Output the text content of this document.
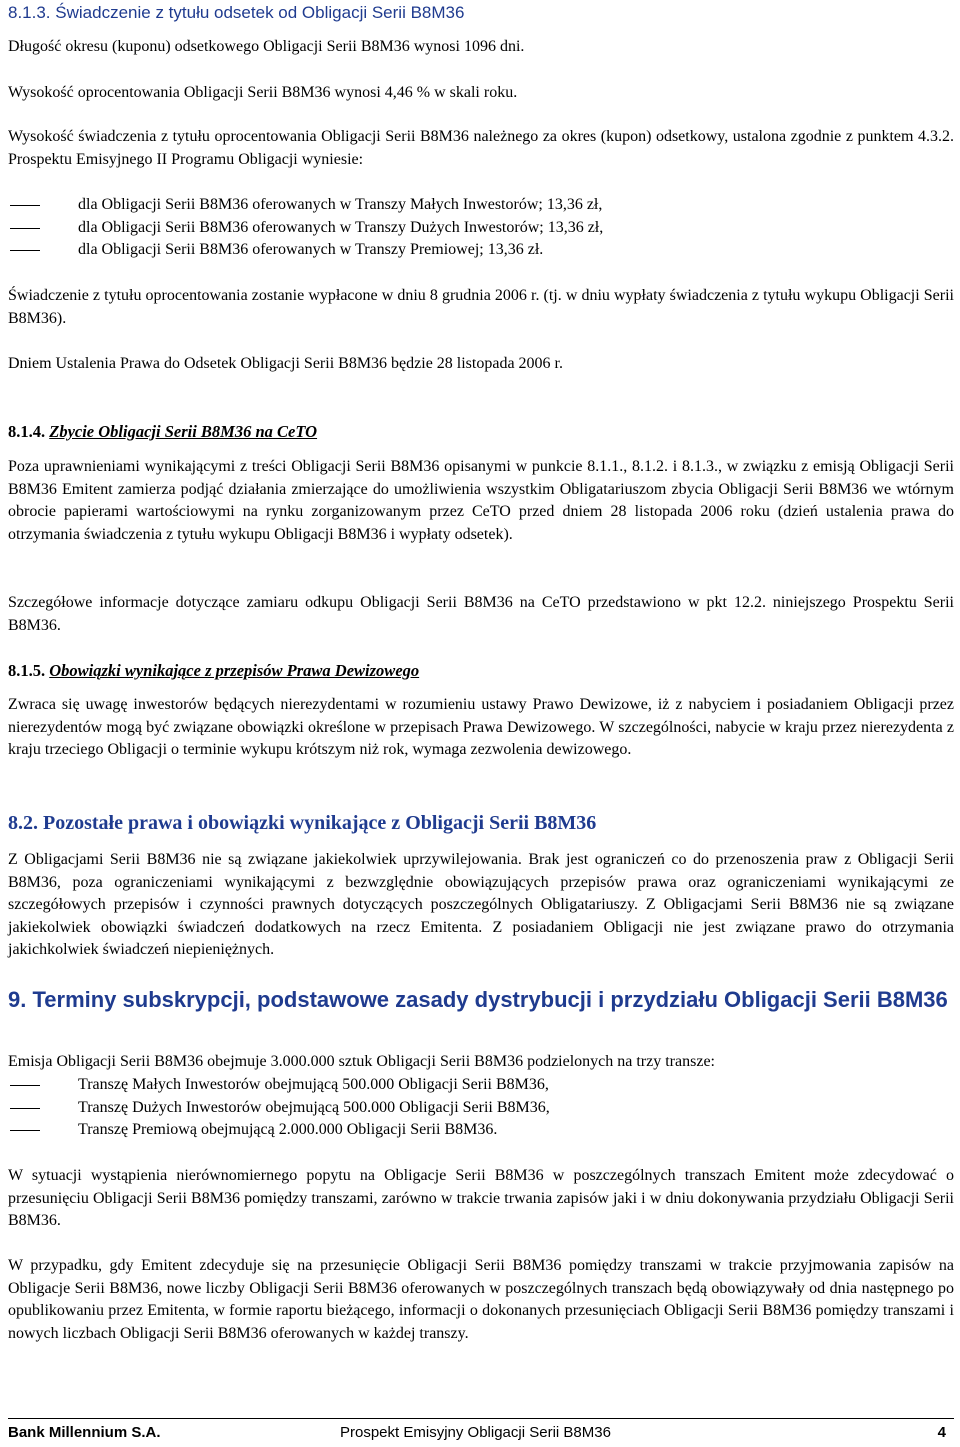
8.1.3. Świadczenie z tytułu odsetek od Obligacji Serii B8M36
Długość okresu (kuponu) odsetkowego Obligacji Serii B8M36 wynosi 1096 dni.
Wysokość oprocentowania Obligacji Serii B8M36 wynosi 4,46 % w skali roku.
Wysokość świadczenia z tytułu oprocentowania Obligacji Serii B8M36 należnego za okres (kupon) odsetkowy, ustalona zgodnie z punktem 4.3.2. Prospektu Emisyjnego II Programu Obligacji wyniesie:
dla Obligacji Serii B8M36 oferowanych w Transzy Małych Inwestorów; 13,36 zł,
dla Obligacji Serii B8M36 oferowanych w Transzy Dużych Inwestorów; 13,36 zł,
dla Obligacji Serii B8M36 oferowanych w Transzy Premiowej; 13,36 zł.
Świadczenie z tytułu oprocentowania zostanie wypłacone w dniu 8 grudnia 2006 r. (tj. w dniu wypłaty świadczenia z tytułu wykupu Obligacji Serii B8M36).
Dniem Ustalenia Prawa do Odsetek Obligacji Serii B8M36 będzie 28 listopada 2006 r.
8.1.4. Zbycie Obligacji Serii B8M36 na CeTO
Poza uprawnieniami wynikającymi z treści Obligacji Serii B8M36 opisanymi w punkcie 8.1.1., 8.1.2. i 8.1.3., w związku z emisją Obligacji Serii B8M36 Emitent zamierza podjąć działania zmierzające do umożliwienia wszystkim Obligatariuszom zbycia Obligacji Serii B8M36 we wtórnym obrocie papierami wartościowymi na rynku zorganizowanym przez CeTO przed dniem 28 listopada 2006 roku (dzień ustalenia prawa do otrzymania świadczenia z tytułu wykupu Obligacji B8M36 i wypłaty odsetek).
Szczegółowe informacje dotyczące zamiaru odkupu Obligacji Serii B8M36 na CeTO przedstawiono w pkt 12.2. niniejszego Prospektu Serii B8M36.
8.1.5. Obowiązki wynikające z przepisów Prawa Dewizowego
Zwraca się uwagę inwestorów będących nierezydentami w rozumieniu ustawy Prawo Dewizowe, iż z nabyciem i posiadaniem Obligacji przez nierezydentów mogą być związane obowiązki określone w przepisach Prawa Dewizowego. W szczególności, nabycie w kraju przez nierezydenta z kraju trzeciego Obligacji o terminie wykupu krótszym niż rok, wymaga zezwolenia dewizowego.
8.2. Pozostałe prawa i obowiązki wynikające z Obligacji Serii B8M36
Z Obligacjami Serii B8M36 nie są związane jakiekolwiek uprzywilejowania. Brak jest ograniczeń co do przenoszenia praw z Obligacji Serii B8M36, poza ograniczeniami wynikającymi z bezwzględnie obowiązujących przepisów prawa oraz ograniczeniami wynikającymi ze szczegółowych przepisów i czynności prawnych dotyczących poszczególnych Obligatariuszy. Z Obligacjami Serii B8M36 nie są związane jakiekolwiek obowiązki świadczeń dodatkowych na rzecz Emitenta. Z posiadaniem Obligacji nie jest związane prawo do otrzymania jakichkolwiek świadczeń niepieniężnych.
9. Terminy subskrypcji, podstawowe zasady dystrybucji i przydziału Obligacji Serii B8M36
Emisja Obligacji Serii B8M36 obejmuje 3.000.000 sztuk Obligacji Serii B8M36 podzielonych na trzy transze:
Transzę Małych Inwestorów obejmującą 500.000 Obligacji Serii B8M36,
Transzę Dużych Inwestorów obejmującą 500.000 Obligacji Serii B8M36,
Transzę Premiową obejmującą 2.000.000 Obligacji Serii B8M36.
W sytuacji wystąpienia nierównomiernego popytu na Obligacje Serii B8M36 w poszczególnych transzach Emitent może zdecydować o przesunięciu Obligacji Serii B8M36 pomiędzy transzami, zarówno w trakcie trwania zapisów jaki i w dniu dokonywania przydziału Obligacji Serii B8M36.
W przypadku, gdy Emitent zdecyduje się na przesunięcie Obligacji Serii B8M36 pomiędzy transzami w trakcie przyjmowania zapisów na Obligacje Serii B8M36, nowe liczby Obligacji Serii B8M36 oferowanych w poszczególnych transzach będą obowiązywały od dnia następnego po opublikowaniu przez Emitenta, w formie raportu bieżącego, informacji o dokonanych przesunięciach Obligacji Serii B8M36 pomiędzy transzami i nowych liczbach Obligacji Serii B8M36 oferowanych w każdej transzy.
Bank Millennium S.A.	Prospekt Emisyjny Obligacji Serii B8M36	4
